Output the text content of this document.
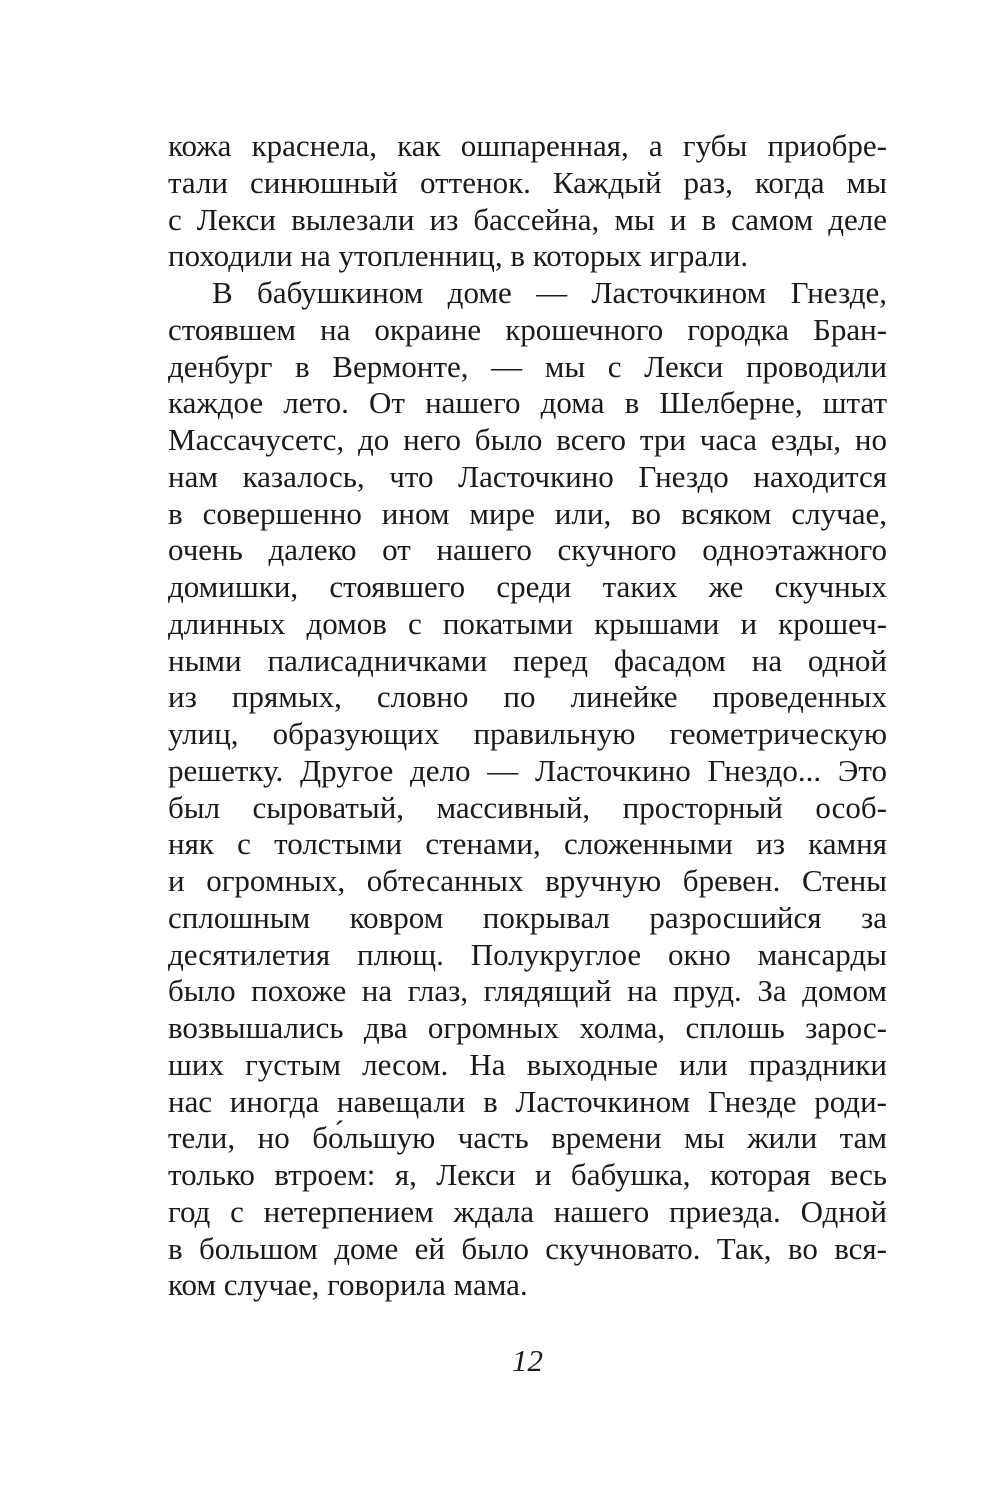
кожа краснела, как ошпаренная, а губы приобре-
тали синюшный оттенок. Каждый раз, когда мы
с Лекси вылезали из бассейна, мы и в самом деле
походили на утопленниц, в которых играли.
В бабушкином доме — Ласточкином Гнезде,
стоявшем на окраине крошечного городка Бран-
денбург в Вермонте, — мы с Лекси проводили
каждое лето. От нашего дома в Шелберне, штат
Массачусетс, до него было всего три часа езды, но
нам казалось, что Ласточкино Гнездо находится
в совершенно ином мире или, во всяком случае,
очень далеко от нашего скучного одноэтажного
домишки, стоявшего среди таких же скучных
длинных домов с покатыми крышами и крошеч-
ными палисадничками перед фасадом на одной
из прямых, словно по линейке проведенных
улиц, образующих правильную геометрическую
решетку. Другое дело — Ласточкино Гнездо... Это
был сыроватый, массивный, просторный особ-
няк с толстыми стенами, сложенными из камня
и огромных, обтесанных вручную бревен. Стены
сплошным ковром покрывал разросшийся за
десятилетия плющ. Полукруглое окно мансарды
было похоже на глаз, глядящий на пруд. За домом
возвышались два огромных холма, сплошь зарос-
ших густым лесом. На выходные или праздники
нас иногда навещали в Ласточкином Гнезде роди-
тели, но бо́льшую часть времени мы жили там
только втроем: я, Лекси и бабушка, которая весь
год с нетерпением ждала нашего приезда. Одной
в большом доме ей было скучновато. Так, во вся-
ком случае, говорила мама.
12
